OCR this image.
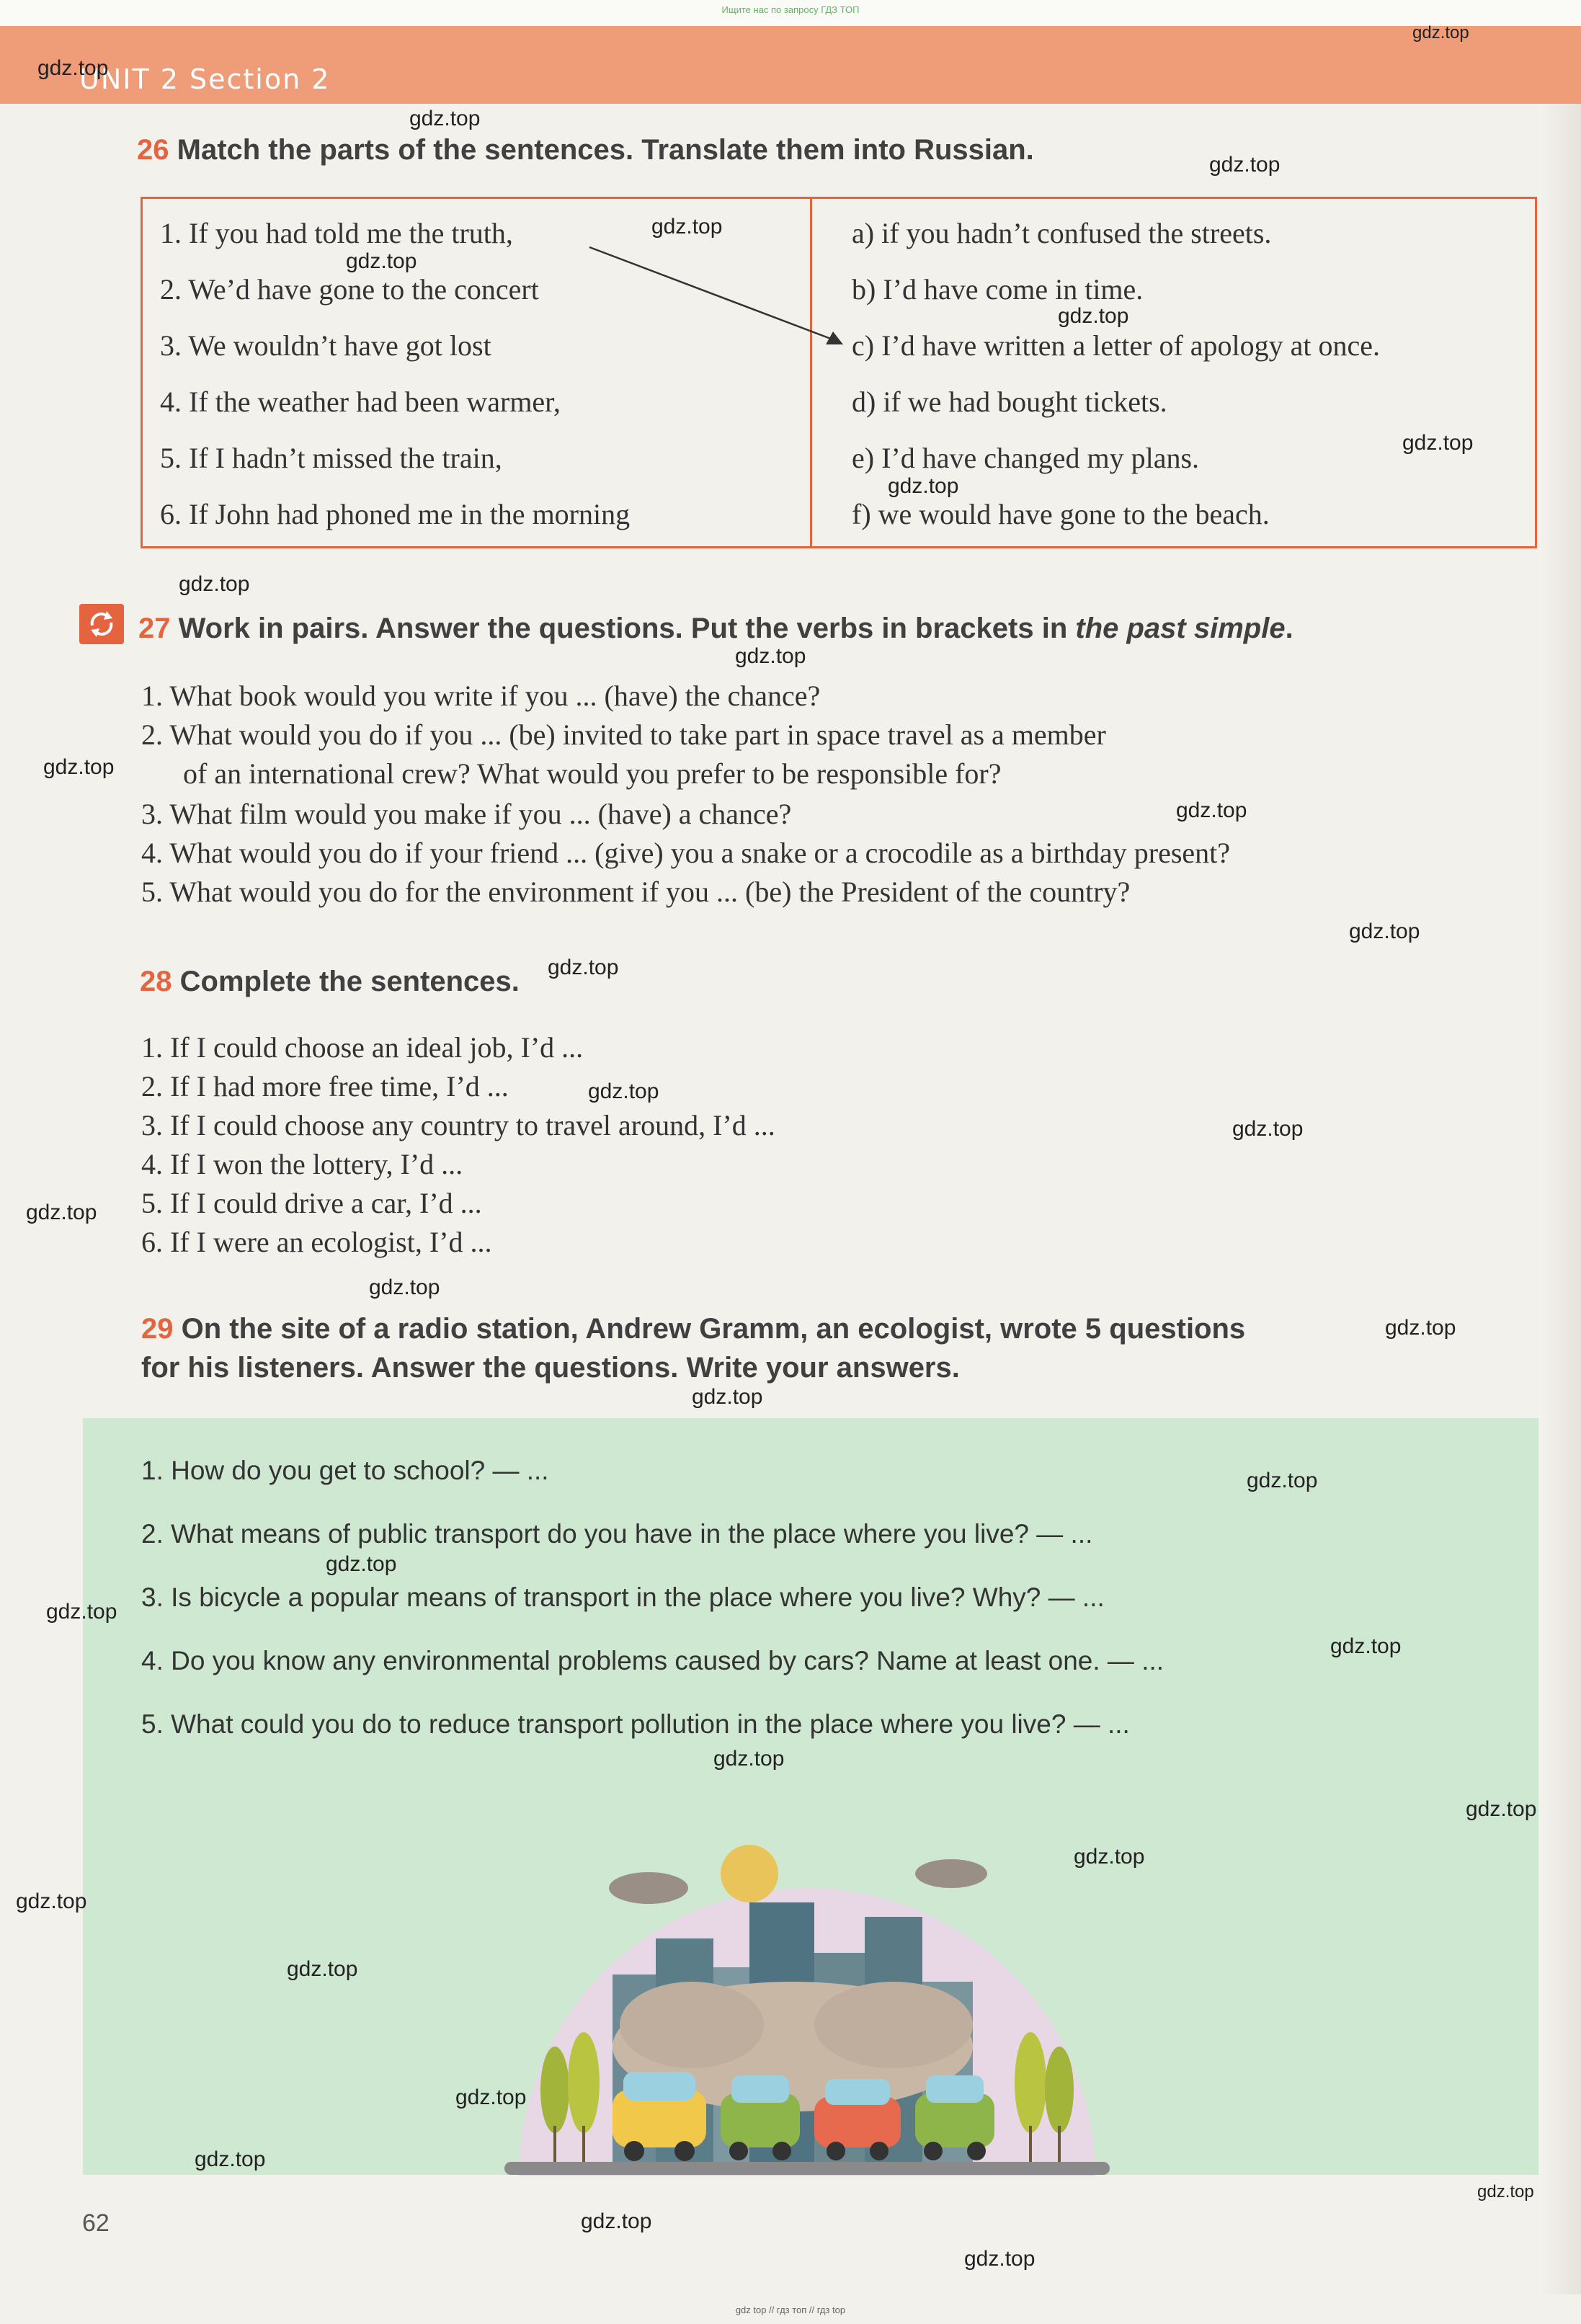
Ищите нас по запросу ГДЗ ТОП
UNIT 2 Section 2
26 Match the parts of the sentences. Translate them into Russian.
1. If you had told me the truth,
2. We’d have gone to the concert
3. We wouldn’t have got lost
4. If the weather had been warmer,
5. If I hadn’t missed the train,
6. If John had phoned me in the morning
a) if you hadn’t confused the streets.
b) I’d have come in time.
c) I’d have written a letter of apology at once.
d) if we had bought tickets.
e) I’d have changed my plans.
f) we would have gone to the beach.
27 Work in pairs. Answer the questions. Put the verbs in brackets in the past simple.
1. What book would you write if you ... (have) the chance?
2. What would you do if you ... (be) invited to take part in space travel as a member
of an international crew? What would you prefer to be responsible for?
3. What film would you make if you ... (have) a chance?
4. What would you do if your friend ... (give) you a snake or a crocodile as a birthday present?
5. What would you do for the environment if you ... (be) the President of the country?
28 Complete the sentences.
1. If I could choose an ideal job, I’d ...
2. If I had more free time, I’d ...
3. If I could choose any country to travel around, I’d ...
4. If I won the lottery, I’d ...
5. If I could drive a car, I’d ...
6. If I were an ecologist, I’d ...
29 On the site of a radio station, Andrew Gramm, an ecologist, wrote 5 questions
for his listeners. Answer the questions. Write your answers.
1. How do you get to school? — ...
2. What means of public transport do you have in the place where you live? — ...
3. Is bicycle a popular means of transport in the place where you live? Why? — ...
4. Do you know any environmental problems caused by cars? Name at least one. — ...
5. What could you do to reduce transport pollution in the place where you live? — ...
62
gdz.top
gdz.top
gdz.top
gdz.top
gdz.top
gdz.top
gdz.top
gdz.top
gdz.top
gdz.top
gdz.top
gdz.top
gdz.top
gdz.top
gdz.top
gdz.top
gdz.top
gdz.top
gdz.top
gdz.top
gdz.top
gdz.top
gdz.top
gdz.top
gdz.top
gdz.top
gdz.top
gdz.top
gdz.top
gdz.top
gdz.top
gdz.top
gdz.top
gdz.top
gdz.top
gdz top // гдз топ // гдз top
